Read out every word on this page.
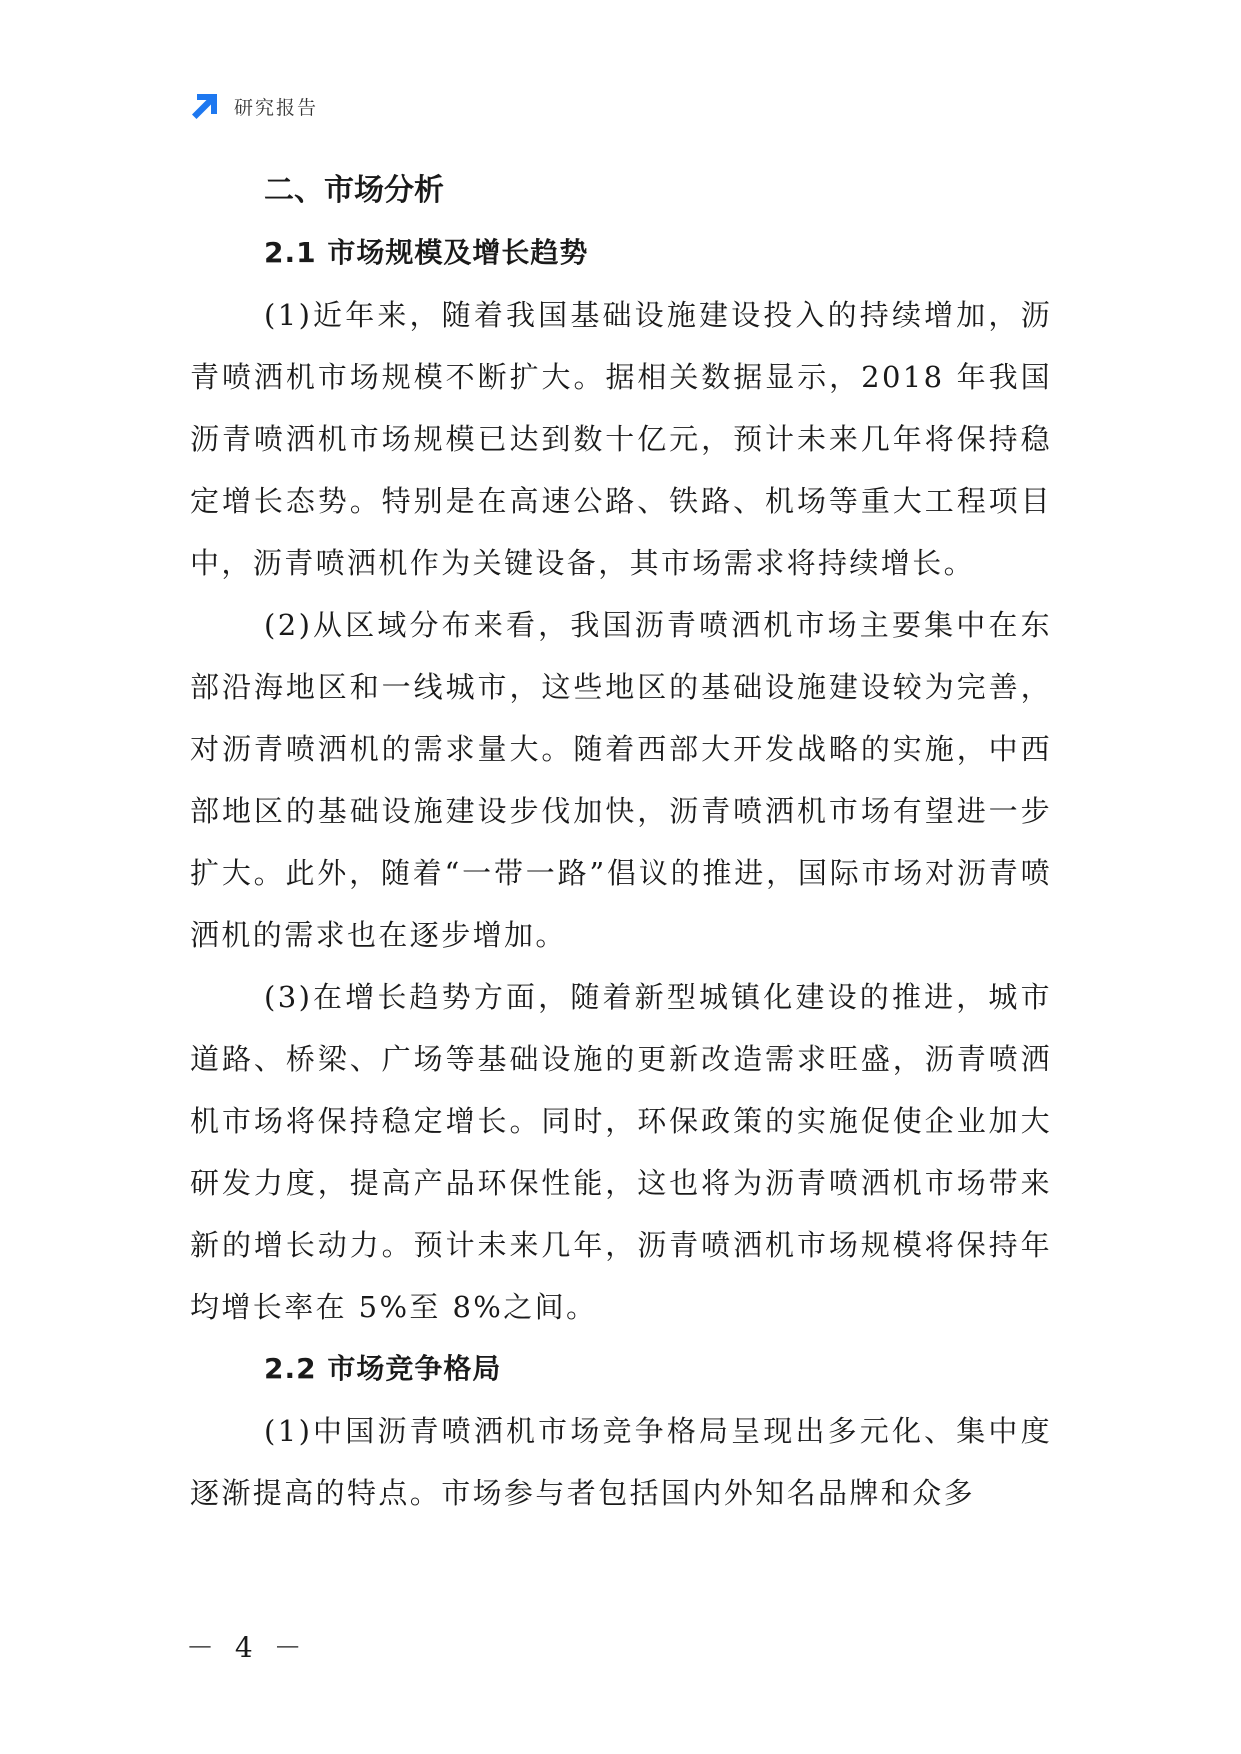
研究报告
二、市场分析
2.1 市场规模及增长趋势

(1)近年来，随着我国基础设施建设投入的持续增加，沥青喷洒机市场规模不断扩大。据相关数据显示，2018 年我国沥青喷洒机市场规模已达到数十亿元，预计未来几年将保持稳定增长态势。特别是在高速公路、铁路、机场等重大工程项目中，沥青喷洒机作为关键设备，其市场需求将持续增长。

(2)从区域分布来看，我国沥青喷洒机市场主要集中在东部沿海地区和一线城市，这些地区的基础设施建设较为完善，对沥青喷洒机的需求量大。随着西部大开发战略的实施，中西部地区的基础设施建设步伐加快，沥青喷洒机市场有望进一步扩大。此外，随着“一带一路”倡议的推进，国际市场对沥青喷洒机的需求也在逐步增加。

(3)在增长趋势方面，随着新型城镇化建设的推进，城市道路、桥梁、广场等基础设施的更新改造需求旺盛，沥青喷洒机市场将保持稳定增长。同时，环保政策的实施促使企业加大研发力度，提高产品环保性能，这也将为沥青喷洒机市场带来新的增长动力。预计未来几年，沥青喷洒机市场规模将保持年均增长率在 5%至 8%之间。

2.2 市场竞争格局

(1)中国沥青喷洒机市场竞争格局呈现出多元化、集中度逐渐提高的特点。市场参与者包括国内外知名品牌和众多

－ 4 －
